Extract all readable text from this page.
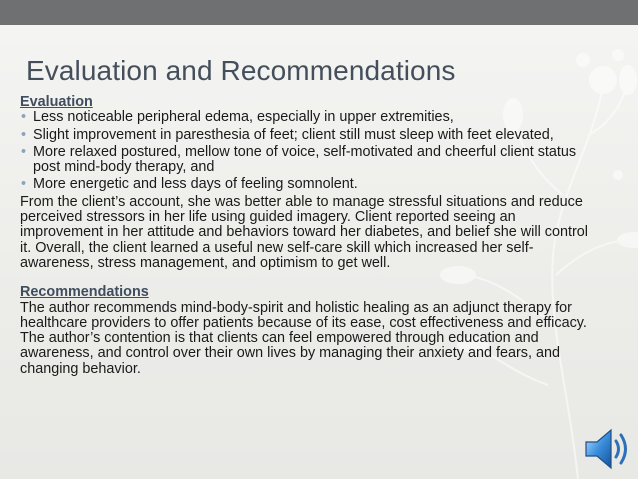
Evaluation and Recommendations

Evaluation

• Less noticeable peripheral edema, especially in upper extremities,
• Slight improvement in paresthesia of feet; client still must sleep with feet elevated,
• More relaxed postured, mellow tone of voice, self-motivated and cheerful client status post mind-body therapy, and
• More energetic and less days of feeling somnolent.

From the client’s account, she was better able to manage stressful situations and reduce perceived stressors in her life using guided imagery. Client reported seeing an improvement in her attitude and behaviors toward her diabetes, and belief she will control it. Overall, the client learned a useful new self-care skill which increased her self-awareness, stress management, and optimism to get well.

Recommendations

The author recommends mind-body-spirit and holistic healing as an adjunct therapy for healthcare providers to offer patients because of its ease, cost effectiveness and efficacy. The author’s contention is that clients can feel empowered through education and awareness, and control over their own lives by managing their anxiety and fears, and changing behavior.
